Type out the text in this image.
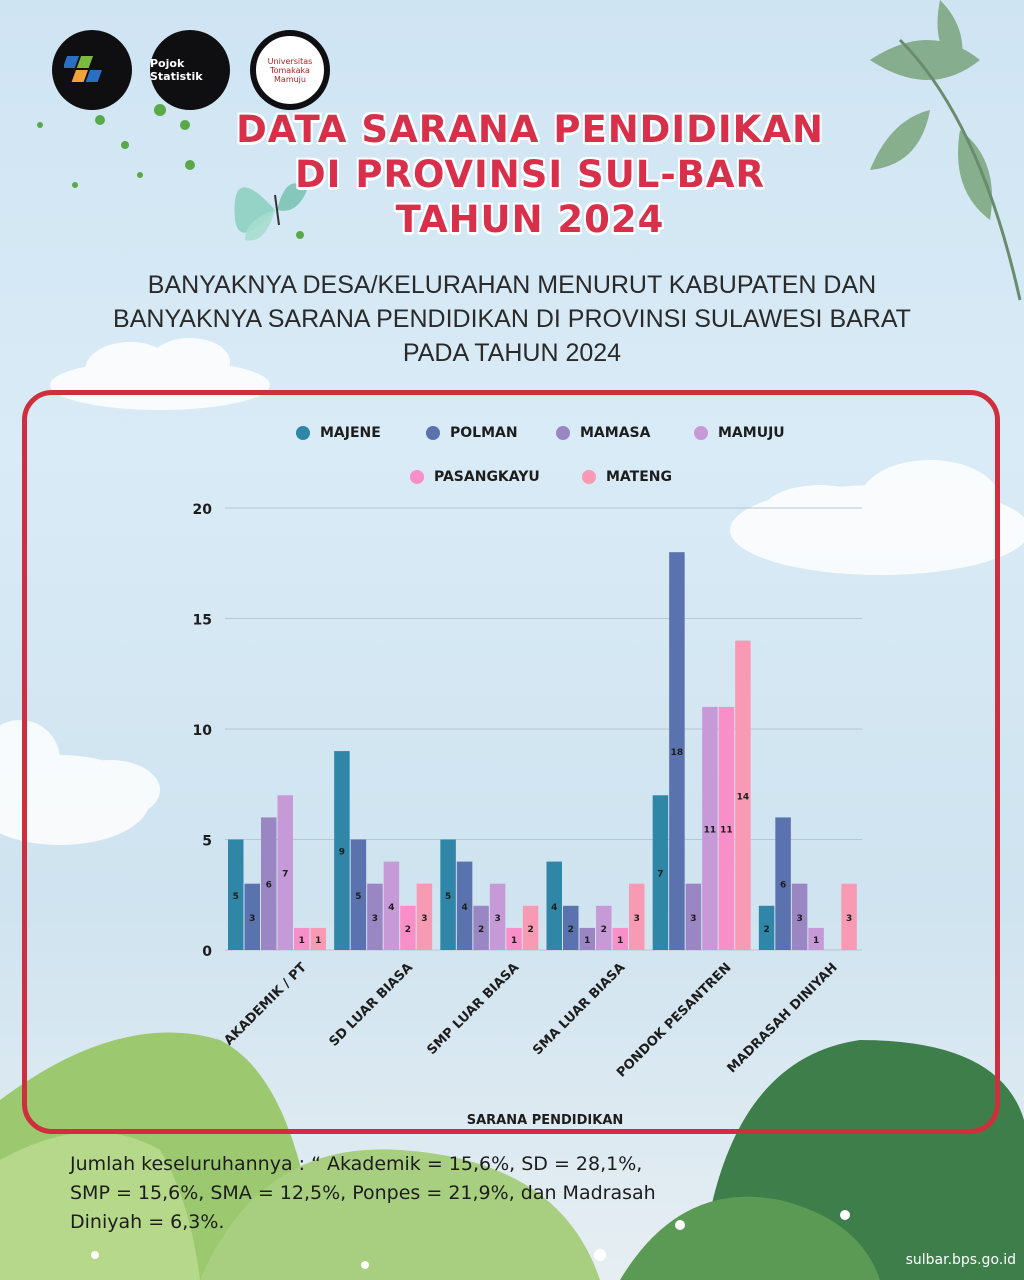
Pojok Statistik
Universitas Tomakaka Mamuju
DATA SARANA PENDIDIKAN
DI PROVINSI SUL-BAR
TAHUN 2024
BANYAKNYA DESA/KELURAHAN MENURUT KABUPATEN DAN
BANYAKNYA SARANA PENDIDIKAN DI PROVINSI SULAWESI BARAT
PADA TAHUN 2024
MAJENE	POLMAN	MAMASA	MAMUJU
PASANGKAYU	MATENG
0
5
10
15
20
5
3
6
7
1 1
AKADEMIK / PT
9
5
3
4
2
3
SD LUAR BIASA
5
4
2
3
1
2
SMP LUAR BIASA
4
2
1
2
1
3
SMA LUAR BIASA
7
18
3
11 11
14
PONDOK PESANTREN
2
6
3
1
3
MADRASAH DINIYAH
SARANA PENDIDIKAN
Jumlah keseluruhannya : “ Akademik = 15,6%, SD = 28,1%,
SMP = 15,6%, SMA = 12,5%, Ponpes = 21,9%, dan Madrasah
Diniyah = 6,3%.
sulbar.bps.go.id
